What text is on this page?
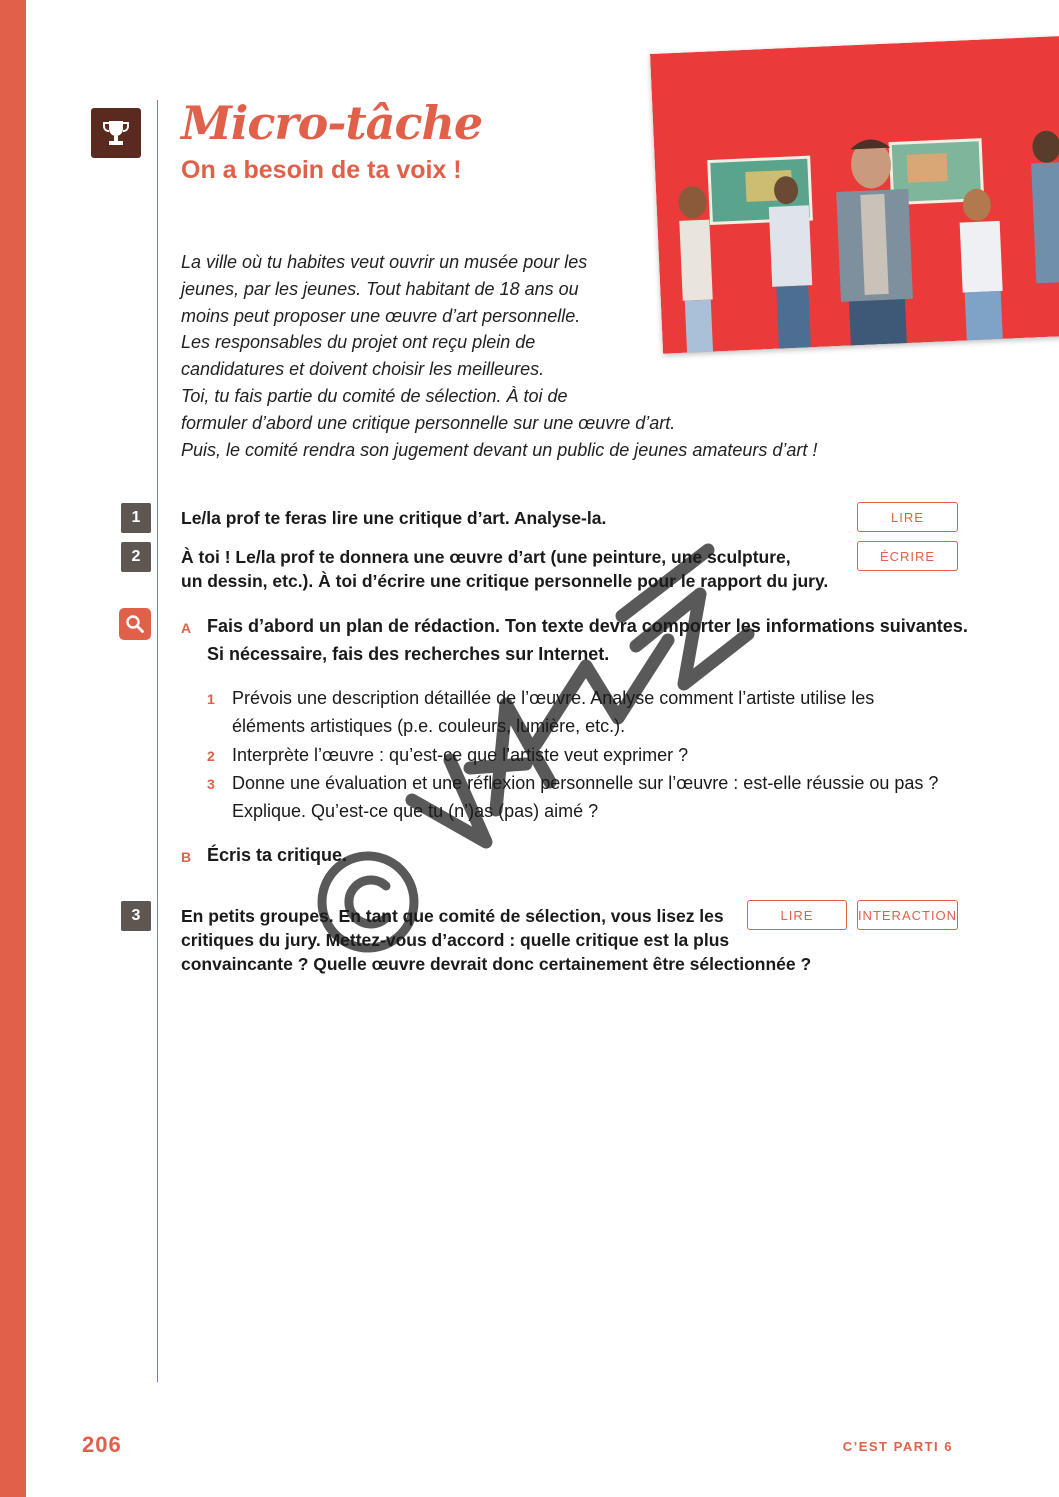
Micro-tâche
On a besoin de ta voix !
La ville où tu habites veut ouvrir un musée pour les
jeunes, par les jeunes. Tout habitant de 18 ans ou
moins peut proposer une œuvre d’art personnelle.
Les responsables du projet ont reçu plein de
candidatures et doivent choisir les meilleures.
Toi, tu fais partie du comité de sélection. À toi de
formuler d’abord une critique personnelle sur une œuvre d’art.
Puis, le comité rendra son jugement devant un public de jeunes amateurs d’art !
1	Le/la prof te feras lire une critique d’art. Analyse-la.	LIRE
2	À toi ! Le/la prof te donnera une œuvre d’art (une peinture, une sculpture,
un dessin, etc.). À toi d’écrire une critique personnelle pour le rapport du jury.
ÉCRIRE
A Fais d’abord un plan de rédaction. Ton texte devra comporter les informations suivantes.
Si nécessaire, fais des recherches sur Internet.
1 Prévois une description détaillée de l’œuvre. Analyse comment l’artiste utilise les
éléments artistiques (p.e. couleurs, lumière, etc.).
2 Interprète l’œuvre : qu’est-ce que l’artiste veut exprimer ?
3 Donne une évaluation et une réflexion personnelle sur l’œuvre : est-elle réussie ou pas ?
Explique. Qu’est-ce que tu (n’)as (pas) aimé ?
B Écris ta critique.
3	En petits groupes. En tant que comité de sélection, vous lisez les
critiques du jury. Mettez-vous d’accord : quelle critique est la plus
convaincante ? Quelle œuvre devrait donc certainement être sélectionnée ?
LIRE	INTERACTION
206	C’EST PARTI 6
